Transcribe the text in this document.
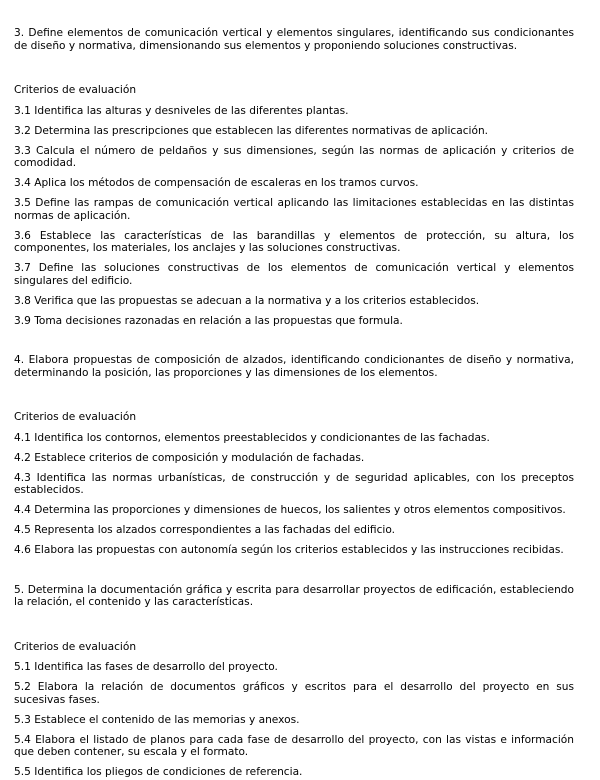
3. Define elementos de comunicación vertical y elementos singulares, identificando sus condicionantes de diseño y normativa, dimensionando sus elementos y proponiendo soluciones constructivas.

Criterios de evaluación

3.1 Identifica las alturas y desniveles de las diferentes plantas.

3.2 Determina las prescripciones que establecen las diferentes normativas de aplicación.

3.3 Calcula el número de peldaños y sus dimensiones, según las normas de aplicación y criterios de comodidad.

3.4 Aplica los métodos de compensación de escaleras en los tramos curvos.

3.5 Define las rampas de comunicación vertical aplicando las limitaciones establecidas en las distintas normas de aplicación.

3.6 Establece las características de las barandillas y elementos de protección, su altura, los componentes, los materiales, los anclajes y las soluciones constructivas.

3.7 Define las soluciones constructivas de los elementos de comunicación vertical y elementos singulares del edificio.

3.8 Verifica que las propuestas se adecuan a la normativa y a los criterios establecidos.

3.9 Toma decisiones razonadas en relación a las propuestas que formula.

4. Elabora propuestas de composición de alzados, identificando condicionantes de diseño y normativa, determinando la posición, las proporciones y las dimensiones de los elementos.

Criterios de evaluación

4.1 Identifica los contornos, elementos preestablecidos y condicionantes de las fachadas.

4.2 Establece criterios de composición y modulación de fachadas.

4.3 Identifica las normas urbanísticas, de construcción y de seguridad aplicables, con los preceptos establecidos.

4.4 Determina las proporciones y dimensiones de huecos, los salientes y otros elementos compositivos.

4.5 Representa los alzados correspondientes a las fachadas del edificio.

4.6 Elabora las propuestas con autonomía según los criterios establecidos y las instrucciones recibidas.

5. Determina la documentación gráfica y escrita para desarrollar proyectos de edificación, estableciendo la relación, el contenido y las características.

Criterios de evaluación

5.1 Identifica las fases de desarrollo del proyecto.

5.2 Elabora la relación de documentos gráficos y escritos para el desarrollo del proyecto en sus sucesivas fases.

5.3 Establece el contenido de las memorias y anexos.

5.4 Elabora el listado de planos para cada fase de desarrollo del proyecto, con las vistas e información que deben contener, su escala y el formato.

5.5 Identifica los pliegos de condiciones de referencia.
